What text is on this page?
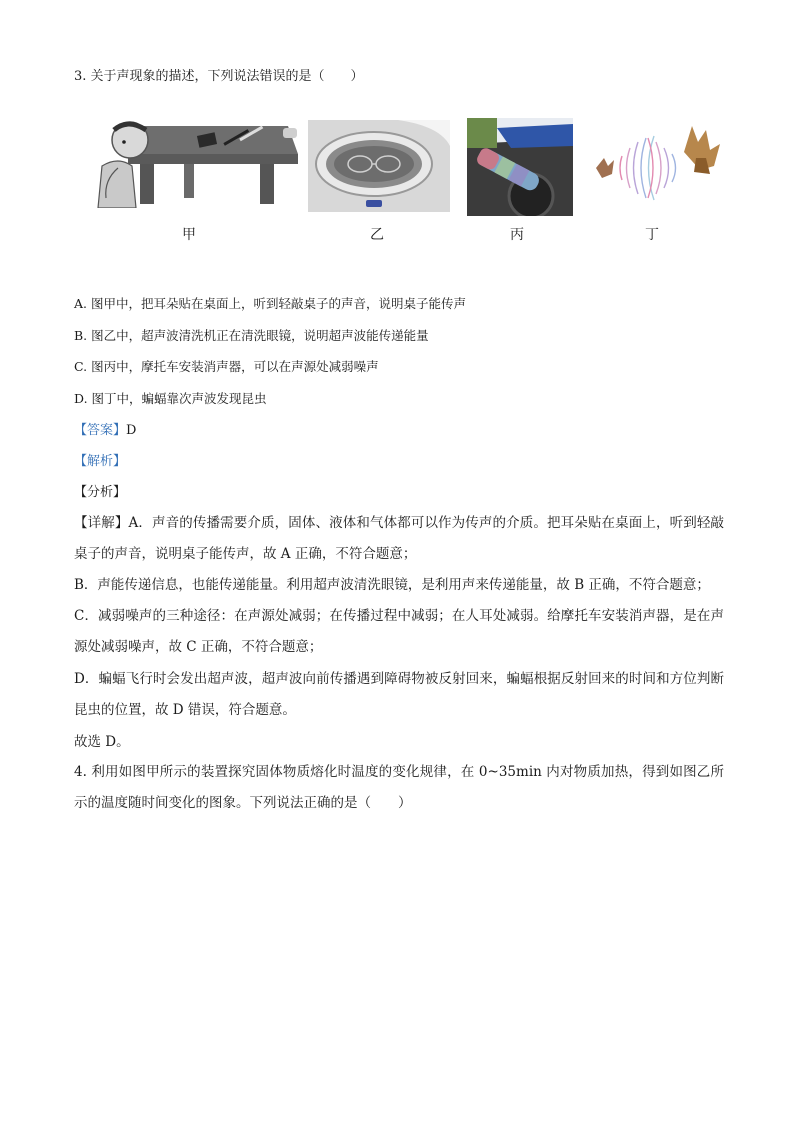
3. 关于声现象的描述，下列说法错误的是（　　）
甲	乙	丙	丁
A. 图甲中，把耳朵贴在桌面上，听到轻敲桌子的声音，说明桌子能传声
B. 图乙中，超声波清洗机正在清洗眼镜，说明超声波能传递能量
C. 图丙中，摩托车安装消声器，可以在声源处减弱噪声
D. 图丁中，蝙蝠靠次声波发现昆虫
【答案】D
【解析】
【分析】
【详解】A．声音的传播需要介质，固体、液体和气体都可以作为传声的介质。把耳朵贴在桌面上，听到轻敲桌子的声音，说明桌子能传声，故 A 正确，不符合题意；
B．声能传递信息，也能传递能量。利用超声波清洗眼镜，是利用声来传递能量，故 B 正确，不符合题意；
C．减弱噪声的三种途径：在声源处减弱；在传播过程中减弱；在人耳处减弱。给摩托车安装消声器，是在声源处减弱噪声，故 C 正确，不符合题意；
D．蝙蝠飞行时会发出超声波，超声波向前传播遇到障碍物被反射回来，蝙蝠根据反射回来的时间和方位判断昆虫的位置，故 D 错误，符合题意。
故选 D。
4. 利用如图甲所示的装置探究固体物质熔化时温度的变化规律，在 0~35min 内对物质加热，得到如图乙所示的温度随时间变化的图象。下列说法正确的是（　　）
